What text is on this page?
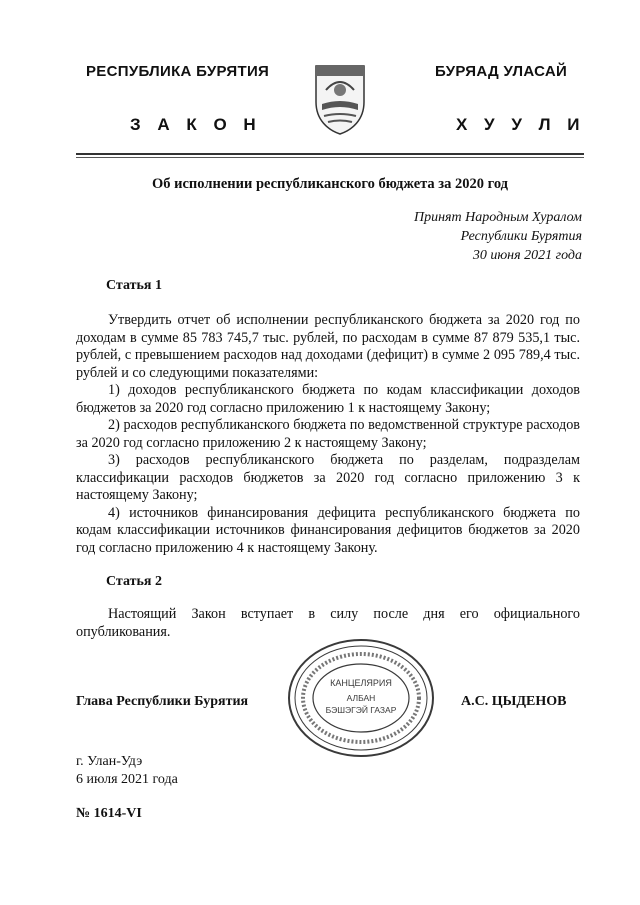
РЕСПУБЛИКА БУРЯТИЯ	БУРЯАД УЛАСАЙ
З А К О Н	Х У У Л И
Об исполнении республиканского бюджета за 2020 год
Принят Народным Хуралом
Республики Бурятия
30 июня 2021 года
Статья 1

Утвердить отчет об исполнении республиканского бюджета за 2020 год по доходам в сумме 85 783 745,7 тыс. рублей, по расходам в сумме 87 879 535,1 тыс. рублей, с превышением расходов над доходами (дефицит) в сумме 2 095 789,4 тыс. рублей и со следующими показателями:

1) доходов республиканского бюджета по кодам классификации доходов бюджетов за 2020 год согласно приложению 1 к настоящему Закону;

2) расходов республиканского бюджета по ведомственной структуре расходов за 2020 год согласно приложению 2 к настоящему Закону;

3) расходов республиканского бюджета по разделам, подразделам классификации расходов бюджетов за 2020 год согласно приложению 3 к настоящему Закону;

4) источников финансирования дефицита республиканского бюджета по кодам классификации источников финансирования дефицитов бюджетов за 2020 год согласно приложению 4 к настоящему Закону.

Статья 2

Настоящий Закон вступает в силу после дня его официального опубликования.

КАНЦЕЛЯРИЯ
АЛБАН
БЭШЭГЭЙ ГАЗАР
Глава Республики Бурятия	А.С. ЦЫДЕНОВ
г. Улан-Удэ
6 июля 2021 года
№ 1614-VI
